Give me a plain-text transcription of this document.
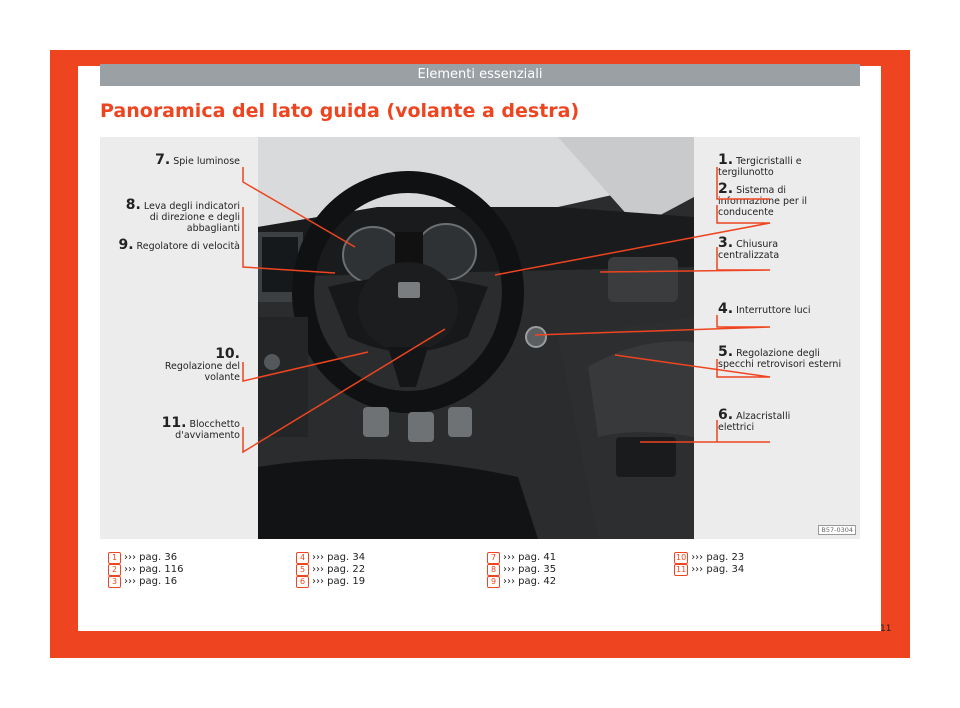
Elementi essenziali
Panoramica del lato guida (volante a destra)
1. Tergicristalli e tergilunotto
2. Sistema di informazione per il conducente
3. Chiusura centralizzata
4. Interruttore luci
5. Regolazione degli specchi retrovisori esterni
6. Alzacristalli elettrici
7. Spie luminose
8. Leva degli indicatori di direzione e degli abbaglianti
9. Regolatore di velocità
10. Regolazione del volante
11. Blocchetto d'avviamento
B57-0304
1 ››› pag. 36
2 ››› pag. 116
3 ››› pag. 16
4 ››› pag. 34
5 ››› pag. 22
6 ››› pag. 19
7 ››› pag. 41
8 ››› pag. 35
9 ››› pag. 42
10 ››› pag. 23
11 ››› pag. 34
11
